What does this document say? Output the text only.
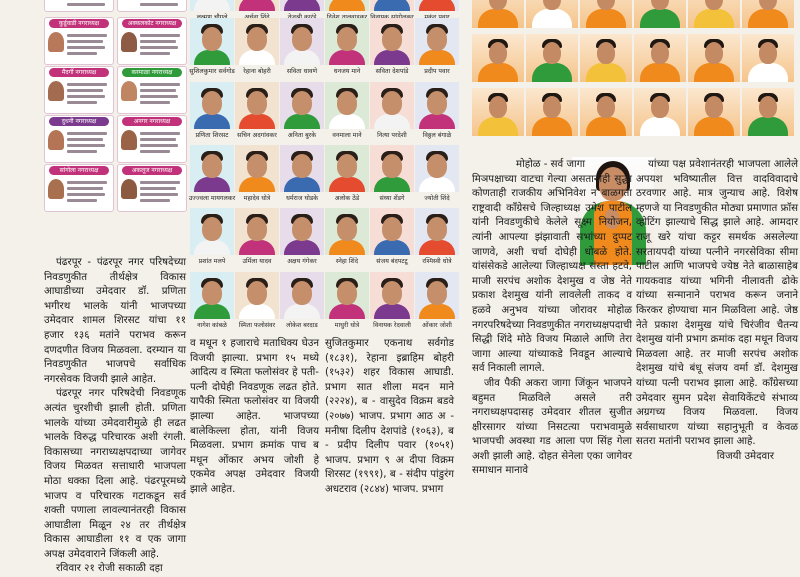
कुर्डूवाडी नगराध्यक्ष	अक्कलकोट नगराध्यक्ष
मैंदर्गी नगराध्यक्ष	करमाळा नगराध्यक्ष
दुधनी नगराध्यक्ष	अनगर नगराध्यक्ष
सांगोला नगराध्यक्ष	अकलूज नगराध्यक्ष

पंढरपूर - पंढरपूर नगर परिषदेच्या निवडणुकीत तीर्थक्षेत्र विकास आघाडीच्या उमेदवार डॉ. प्रणिता भगीरथ भालके यांनी भाजपच्या उमेदवार शामल शिरसट यांचा ११ हजार १३६ मतांने पराभव करून दणदणीत विजय मिळवला. दरम्यान या निवडणुकीत भाजपचे सर्वाधिक नगरसेवक विजयी झाले आहेत.

पंढरपूर नगर परिषदेची निवडणूक अत्यंत चुरशीची झाली होती. प्रणिता भालके यांच्या उमेदवारीमुळे ही लढत भालके विरुद्ध परिचारक अशी रंगली. विकासच्या नगराध्यक्षपदाच्या जागेवर विजय मिळवत सत्ताधारी भाजपला मोठा धक्का दिला आहे. पंढरपूरमध्ये भाजप व परिचारक गटाकडून सर्व शक्ती पणाला लावल्यानंतरही विकास आघाडीला मिळून २४ तर तीर्थक्षेत्र विकास आघाडीला ११ व एक जागा अपक्ष उमेदवाराने जिंकली आहे.

रविवार २१ रोजी सकाळी दहा

सुशिलकुमार सर्वगोड	रेहाना बोहरी	सविता धावणे	धनजय माने	सविता देशपांडे	प्रदीप पवार
प्रणिता शिरसट	सचिन अदगांवकर	अनिता बुरके	वनमाला माने	नित्या परदेशी	विठ्ठल बंगाळे
उज्ज्वला मायगलकर	महादेव धोत्रे	धर्मराज घोडके	अलोक ठेंडे	संध्या शेंडगे	ज्योती शिंदे
प्रशांत मलपे	उर्मिला यादव	अक्षय गंगेकर	स्नेहा शिंदे	संजय बंदपटटू	रश्मिस्वी धोत्रे
नागेश कांबळे	स्मिता फलोसंवर	लोकेश बरदाड	माधुरी धोत्रे	विनायक रेदवाली	ओंकार जोशी

व मधून १ हजाराचे मताधिक्य घेउन विजयी झाल्या. प्रभाग १५ मध्ये आदित्य व स्मिता फलोसंवर हे पती-पत्नी दोघेही निवडणूक लढत होते. यापैकी स्मिता फलोसंवर या विजयी झाल्या आहेत. भाजपच्या बालेकिल्ला होता, यांनी विजय मिळवला. प्रभाग क्रमांक पाच ब मधून ओंकार अभय जोशी हे एकमेव अपक्ष उमेदवार विजयी झाले आहेत.

सुजितकुमार एकनाथ सर्वगोड (१८३१), रेहाना इब्राहिम बोहरी (१५३२) शहर विकास आघाडी. प्रभाग सात शीला मदन माने (२२२४), ब - वासुदेव विक्रम बडवे (२०७७) भाजप. प्रभाग आठ अ - मनीषा दिलीप देशपांडे (१०६३), ब - प्रदीप दिलीप पवार (१०५१) भाजप. प्रभाग ९ अ दीपा विक्रम शिरसट (१९९१), ब - संदीप पांडुरंग अधटराव (२८४४) भाजप. प्रभाग

मोहोळ - सर्व जागा

मिञपक्षाच्या वाटचा गेल्या असतानाही सुद्धा कोणताही राजकीय अभिनिवेश न बाळगता राष्ट्रवादी काँग्रेसचे जिल्हाध्यक्ष उमेश पाटील यांनी निवडणुकीचे केलेले सूक्ष्म नियोजन, त्यांनी आपल्या झंझावाती सभांच्या दुप्पट जाणवे, अशी चर्चा दोघेही धोबळे होते. यांसंसेकडे आलेल्या जिल्हाध्यक्ष संस्ता हटवे, माजी सरपंच अशोक देशमुख व जेष्ठ नेते प्रकाश देशमुख यांनी लावलेली ताकद व हळवे अनुभव यांच्या जोरावर मोहोळ नगरपरिषदेच्या निवडणुकीत नगराध्यक्षपदाची सिद्धी शिंदे मोठे विजय मिळाले आणि तेरा जागा आल्या यांच्याकडे निवडून आल्याचे सर्व निकाली लागले.

जीव पैकी अकरा जागा जिंकून भाजपने बहुमत मिळविले असले तरी नगराध्यक्षपदासह उमेदवार शीतल सुजीत क्षीरसागर यांच्या निसटत्या पराभवामुळे भाजपची अवस्था गड आला पण सिंह गेला अशी झाली आहे. दोहत सेनेला एका जागेवर समाधान मानावे

यांच्या पक्ष प्रवेशानंतरही भाजपला आलेले अपयश भविष्यातील वित्त वादविवादाचे ठरवणार आहे. मात्र जुन्याच आहे. विशेष म्हणजे या निवडणुकीत मोठ्या प्रमाणात फ्रॉस व्होटिंग झाल्याचे सिद्ध झाले आहे. आमदार राजू खरे यांचा कट्टर समर्थक असलेल्या सरतायपदी यांच्या पत्नीने नगरसेविका सीमा पाटील आणि भाजपचे ज्येष्ठ नेते बाळासाहेब गायकवाड यांच्या भगिनी नीलावती ढोके यांच्या सन्मानाने पराभव करून जनाने किरकर होण्याचा मान मिळविला आहे. जेष्ठ नेते प्रकाश देशमुख यांचे चिरंजीव चैतन्य देशमुख यांनी प्रभाग क्रमांक दहा मधून विजय मिळवला आहे. तर माजी सरपंच अशोक देशमुख यांचे बंधू संजय वर्मा डॉ. देशमुख यांच्या पत्नी पराभव झाला आहे. काँग्रेसच्या उमेदवार सुमन प्रदेश सेवायिकेंटचे संभाव्य अग्रगच्य विजय मिळवला. विजय सर्वसाधारण यांच्या सहानुभूती व केवळ सतरा मतांनी पराभव झाला आहे.

विजयी उमेदवार
